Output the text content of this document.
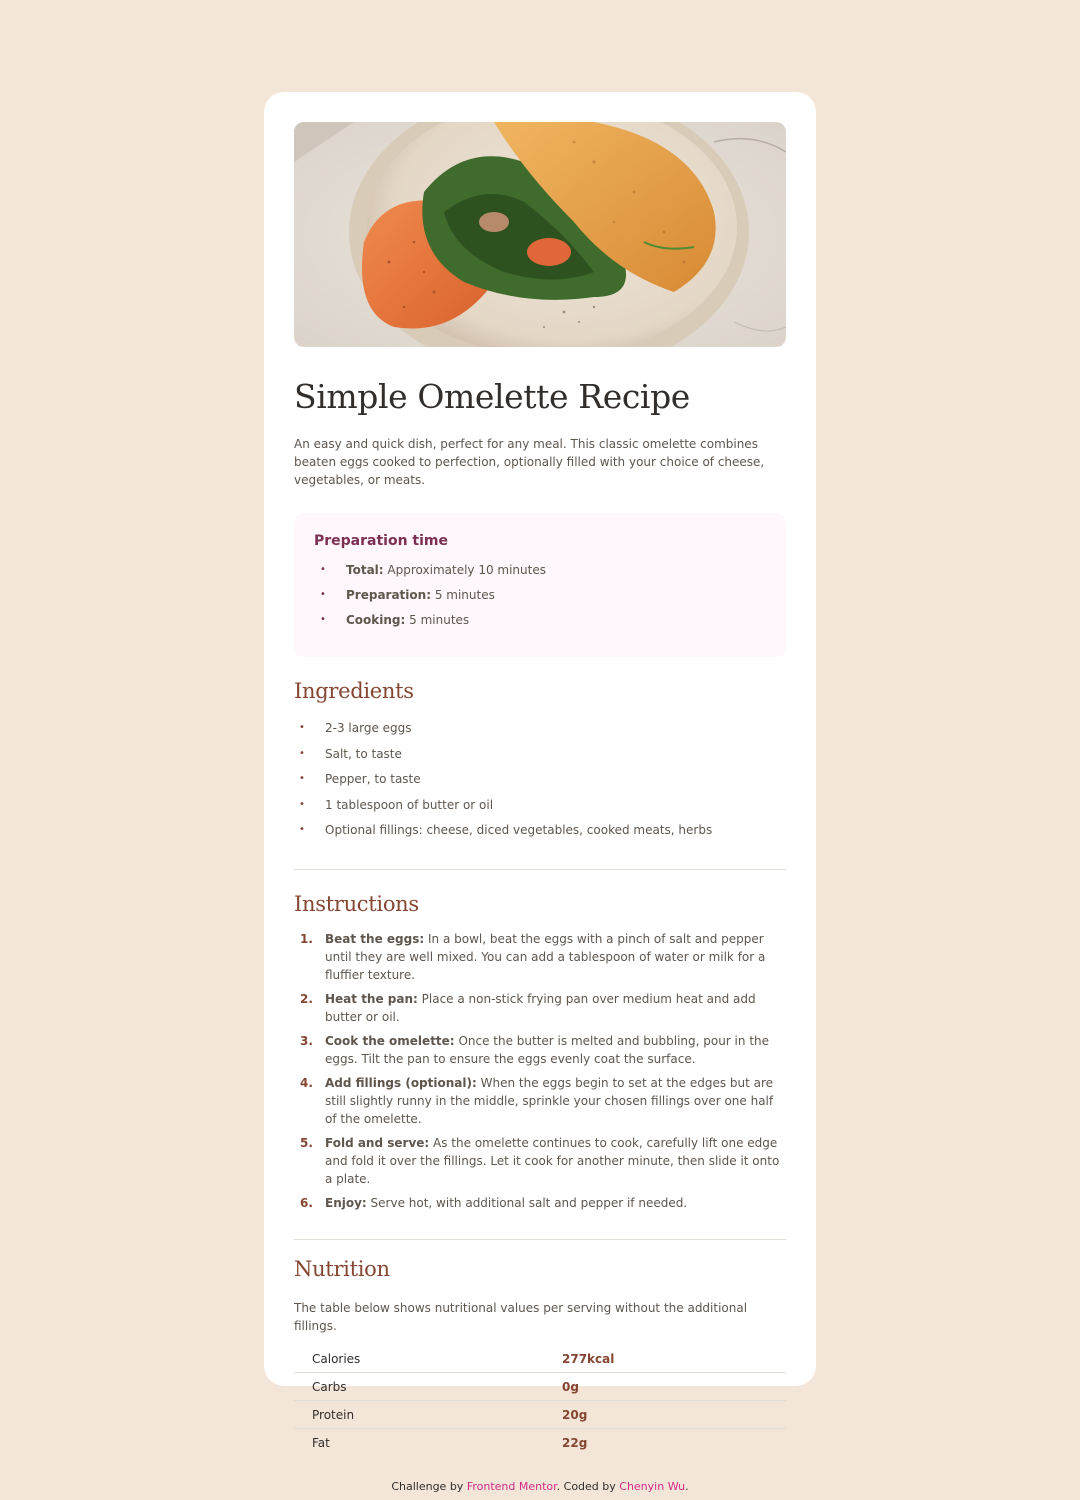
Simple Omelette Recipe

An easy and quick dish, perfect for any meal. This classic omelette combines beaten eggs cooked to perfection, optionally filled with your choice of cheese, vegetables, or meats.

Preparation time
• Total: Approximately 10 minutes
• Preparation: 5 minutes
• Cooking: 5 minutes
Ingredients
• 2-3 large eggs
• Salt, to taste
• Pepper, to taste
• 1 tablespoon of butter or oil
• Optional fillings: cheese, diced vegetables, cooked meats, herbs
Instructions
1. Beat the eggs: In a bowl, beat the eggs with a pinch of salt and pepper until they are well mixed. You can add a tablespoon of water or milk for a fluffier texture.
2. Heat the pan: Place a non-stick frying pan over medium heat and add butter or oil.
3. Cook the omelette: Once the butter is melted and bubbling, pour in the eggs. Tilt the pan to ensure the eggs evenly coat the surface.
4. Add fillings (optional): When the eggs begin to set at the edges but are still slightly runny in the middle, sprinkle your chosen fillings over one half of the omelette.
5. Fold and serve: As the omelette continues to cook, carefully lift one edge and fold it over the fillings. Let it cook for another minute, then slide it onto a plate.
6. Enjoy: Serve hot, with additional salt and pepper if needed.
Nutrition

The table below shows nutritional values per serving without the additional fillings.

Calories	277kcal
Carbs	0g
Protein	20g
Fat	22g
Challenge by Frontend Mentor. Coded by Chenyin Wu.
